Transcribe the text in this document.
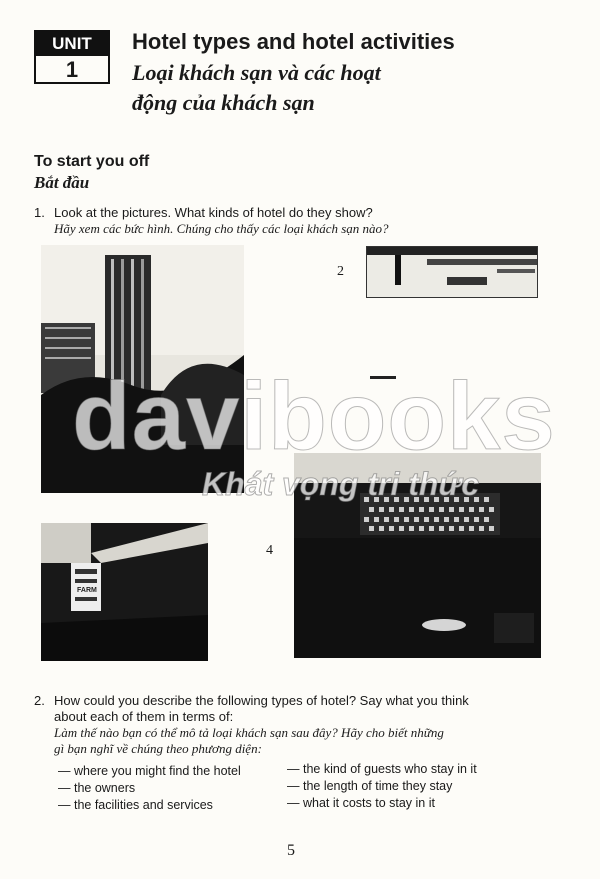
UNIT
1
Hotel types and hotel activities
Loại khách sạn và các hoạt
động của khách sạn
To start you off
Bắt đầu
1. Look at the pictures. What kinds of hotel do they show?
Hãy xem các bức hình. Chúng cho thấy các loại khách sạn nào?
2
FARM
4
davibooks
Khát vọng tri thức
2. How could you describe the following types of hotel? Say what you think
about each of them in terms of:
Làm thế nào bạn có thể mô tả loại khách sạn sau đây? Hãy cho biết những
gì bạn nghĩ về chúng theo phương diện:
— where you might find the hotel
— the owners
— the facilities and services
— the kind of guests who stay in it
— the length of time they stay
— what it costs to stay in it
5
